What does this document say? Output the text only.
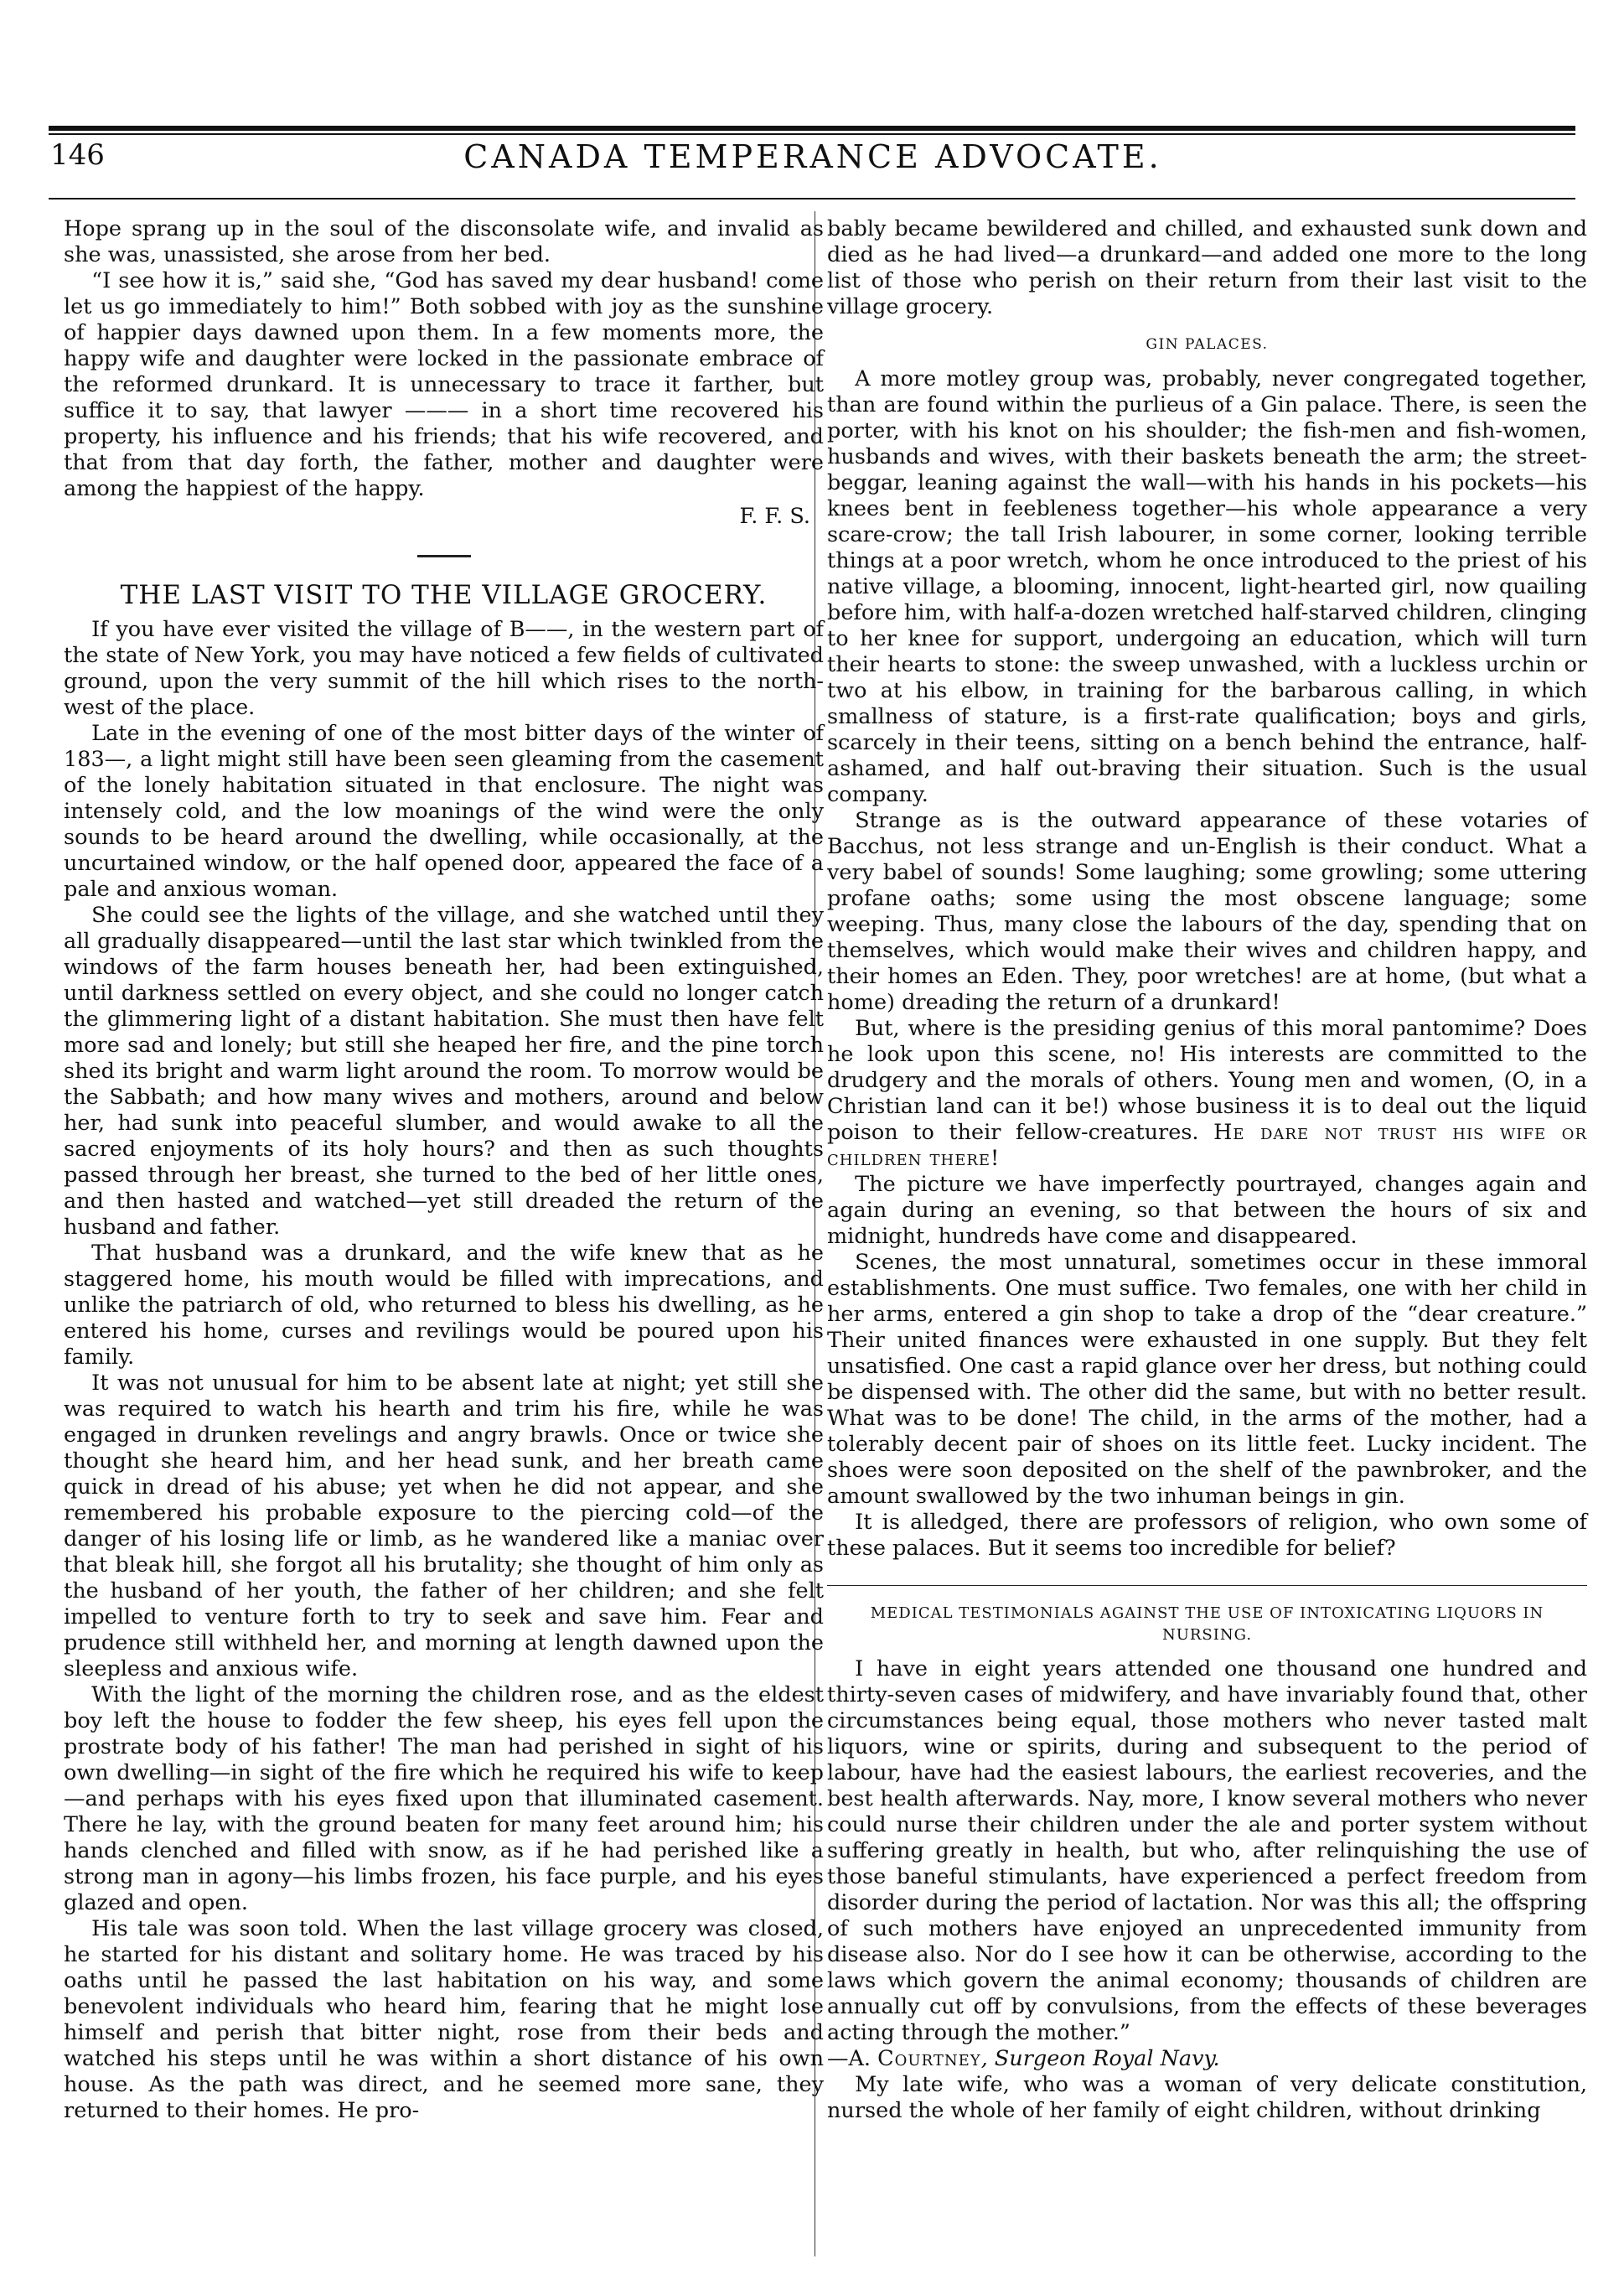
146	CANADA TEMPERANCE ADVOCATE.

Hope sprang up in the soul of the disconsolate wife, and invalid as she was, unassisted, she arose from her bed.

“I see how it is,” said she, “God has saved my dear husband! come let us go immediately to him!” Both sobbed with joy as the sunshine of happier days dawned upon them. In a few moments more, the happy wife and daughter were locked in the passionate embrace of the reformed drunkard. It is unnecessary to trace it farther, but suffice it to say, that lawyer ——— in a short time recovered his property, his influence and his friends; that his wife recovered, and that from that day forth, the father, mother and daughter were among the happiest of the happy.

F. F. S.

THE LAST VISIT TO THE VILLAGE GROCERY.

If you have ever visited the village of B——, in the western part of the state of New York, you may have noticed a few fields of cultivated ground, upon the very summit of the hill which rises to the north-west of the place.

Late in the evening of one of the most bitter days of the winter of 183—, a light might still have been seen gleaming from the casement of the lonely habitation situated in that enclosure. The night was intensely cold, and the low moanings of the wind were the only sounds to be heard around the dwelling, while occasionally, at the uncurtained window, or the half opened door, appeared the face of a pale and anxious woman.

She could see the lights of the village, and she watched until they all gradually disappeared—until the last star which twinkled from the windows of the farm houses beneath her, had been extinguished, until darkness settled on every object, and she could no longer catch the glimmering light of a distant habitation. She must then have felt more sad and lonely; but still she heaped her fire, and the pine torch shed its bright and warm light around the room. To morrow would be the Sabbath; and how many wives and mothers, around and below her, had sunk into peaceful slumber, and would awake to all the sacred enjoyments of its holy hours? and then as such thoughts passed through her breast, she turned to the bed of her little ones, and then hasted and watched—yet still dreaded the return of the husband and father.

That husband was a drunkard, and the wife knew that as he staggered home, his mouth would be filled with imprecations, and unlike the patriarch of old, who returned to bless his dwelling, as he entered his home, curses and revilings would be poured upon his family.

It was not unusual for him to be absent late at night; yet still she was required to watch his hearth and trim his fire, while he was engaged in drunken revelings and angry brawls. Once or twice she thought she heard him, and her head sunk, and her breath came quick in dread of his abuse; yet when he did not appear, and she remembered his probable exposure to the piercing cold—of the danger of his losing life or limb, as he wandered like a maniac over that bleak hill, she forgot all his brutality; she thought of him only as the husband of her youth, the father of her children; and she felt impelled to venture forth to try to seek and save him. Fear and prudence still withheld her, and morning at length dawned upon the sleepless and anxious wife.

With the light of the morning the children rose, and as the eldest boy left the house to fodder the few sheep, his eyes fell upon the prostrate body of his father! The man had perished in sight of his own dwelling—in sight of the fire which he required his wife to keep—and perhaps with his eyes fixed upon that illuminated casement. There he lay, with the ground beaten for many feet around him; his hands clenched and filled with snow, as if he had perished like a strong man in agony—his limbs frozen, his face purple, and his eyes glazed and open.

His tale was soon told. When the last village grocery was closed, he started for his distant and solitary home. He was traced by his oaths until he passed the last habitation on his way, and some benevolent individuals who heard him, fearing that he might lose himself and perish that bitter night, rose from their beds and watched his steps until he was within a short distance of his own house. As the path was direct, and he seemed more sane, they returned to their homes. He pro-

bably became bewildered and chilled, and exhausted sunk down and died as he had lived—a drunkard—and added one more to the long list of those who perish on their return from their last visit to the village grocery.

GIN PALACES.

A more motley group was, probably, never congregated together, than are found within the purlieus of a Gin palace. There, is seen the porter, with his knot on his shoulder; the fish-men and fish-women, husbands and wives, with their baskets beneath the arm; the street-beggar, leaning against the wall—with his hands in his pockets—his knees bent in feebleness together—his whole appearance a very scare-crow; the tall Irish labourer, in some corner, looking terrible things at a poor wretch, whom he once introduced to the priest of his native village, a blooming, innocent, light-hearted girl, now quailing before him, with half-a-dozen wretched half-starved children, clinging to her knee for support, undergoing an education, which will turn their hearts to stone: the sweep unwashed, with a luckless urchin or two at his elbow, in training for the barbarous calling, in which smallness of stature, is a first-rate qualification; boys and girls, scarcely in their teens, sitting on a bench behind the entrance, half-ashamed, and half out-braving their situation. Such is the usual company.

Strange as is the outward appearance of these votaries of Bacchus, not less strange and un-English is their conduct. What a very babel of sounds! Some laughing; some growling; some uttering profane oaths; some using the most obscene language; some weeping. Thus, many close the labours of the day, spending that on themselves, which would make their wives and children happy, and their homes an Eden. They, poor wretches! are at home, (but what a home) dreading the return of a drunkard!

But, where is the presiding genius of this moral pantomime? Does he look upon this scene, no! His interests are committed to the drudgery and the morals of others. Young men and women, (O, in a Christian land can it be!) whose business it is to deal out the liquid poison to their fellow-creatures. He dare not trust his wife or children there!

The picture we have imperfectly pourtrayed, changes again and again during an evening, so that between the hours of six and midnight, hundreds have come and disappeared.

Scenes, the most unnatural, sometimes occur in these immoral establishments. One must suffice. Two females, one with her child in her arms, entered a gin shop to take a drop of the “dear creature.” Their united finances were exhausted in one supply. But they felt unsatisfied. One cast a rapid glance over her dress, but nothing could be dispensed with. The other did the same, but with no better result. What was to be done! The child, in the arms of the mother, had a tolerably decent pair of shoes on its little feet. Lucky incident. The shoes were soon deposited on the shelf of the pawnbroker, and the amount swallowed by the two inhuman beings in gin.

It is alledged, there are professors of religion, who own some of these palaces. But it seems too incredible for belief?

MEDICAL TESTIMONIALS AGAINST THE USE OF INTOXICATING LIQUORS IN NURSING.

I have in eight years attended one thousand one hundred and thirty-seven cases of midwifery, and have invariably found that, other circumstances being equal, those mothers who never tasted malt liquors, wine or spirits, during and subsequent to the period of labour, have had the easiest labours, the earliest recoveries, and the best health afterwards. Nay, more, I know several mothers who never could nurse their children under the ale and porter system without suffering greatly in health, but who, after relinquishing the use of those baneful stimulants, have experienced a perfect freedom from disorder during the period of lactation. Nor was this all; the offspring of such mothers have enjoyed an unprecedented immunity from disease also. Nor do I see how it can be otherwise, according to the laws which govern the animal economy; thousands of children are annually cut off by convulsions, from the effects of these beverages acting through the mother.”

—A. Courtney, Surgeon Royal Navy.

My late wife, who was a woman of very delicate constitution, nursed the whole of her family of eight children, without drinking
